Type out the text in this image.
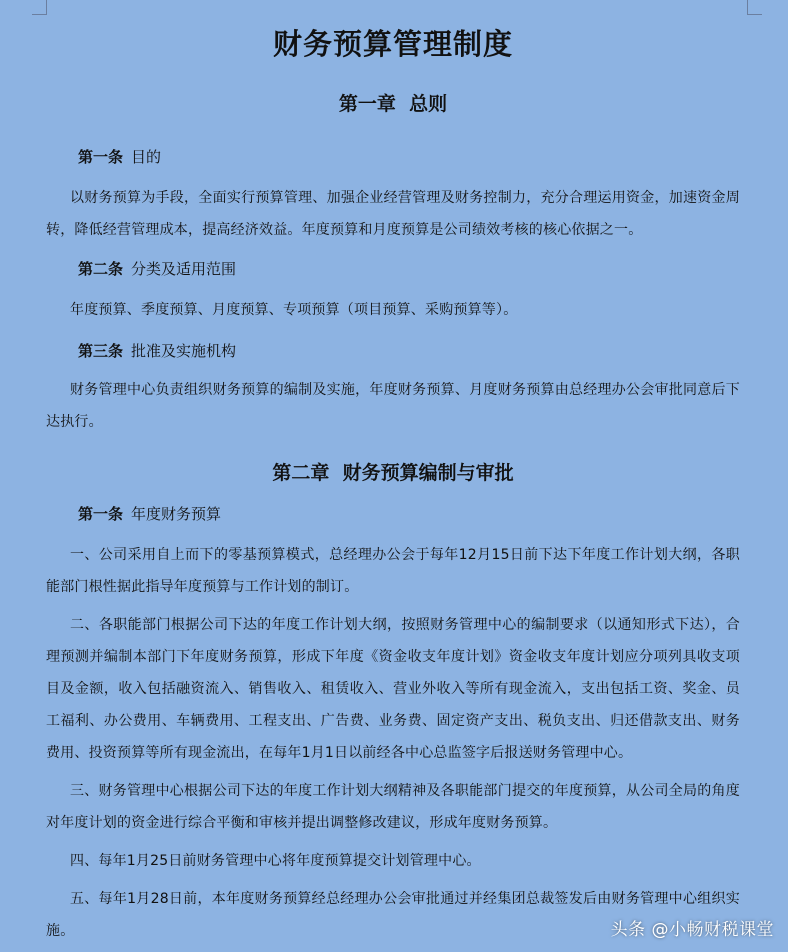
财务预算管理制度
第一章  总则
第一条 目的
以财务预算为手段，全面实行预算管理、加强企业经营管理及财务控制力，充分合理运用资金，加速资金周转，降低经营管理成本，提高经济效益。年度预算和月度预算是公司绩效考核的核心依据之一。
第二条 分类及适用范围
年度预算、季度预算、月度预算、专项预算（项目预算、采购预算等）。
第三条 批准及实施机构
财务管理中心负责组织财务预算的编制及实施，年度财务预算、月度财务预算由总经理办公会审批同意后下达执行。
第二章  财务预算编制与审批
第一条 年度财务预算
一、公司采用自上而下的零基预算模式，总经理办公会于每年12月15日前下达下年度工作计划大纲，各职能部门根性据此指导年度预算与工作计划的制订。
二、各职能部门根据公司下达的年度工作计划大纲，按照财务管理中心的编制要求（以通知形式下达），合理预测并编制本部门下年度财务预算，形成下年度《资金收支年度计划》资金收支年度计划应分项列具收支项目及金额，收入包括融资流入、销售收入、租赁收入、营业外收入等所有现金流入，支出包括工资、奖金、员工福利、办公费用、车辆费用、工程支出、广告费、业务费、固定资产支出、税负支出、归还借款支出、财务费用、投资预算等所有现金流出，在每年1月1日以前经各中心总监签字后报送财务管理中心。
三、财务管理中心根据公司下达的年度工作计划大纲精神及各职能部门提交的年度预算，从公司全局的角度对年度计划的资金进行综合平衡和审核并提出调整修改建议，形成年度财务预算。
四、每年1月25日前财务管理中心将年度预算提交计划管理中心。
五、每年1月28日前，本年度财务预算经总经理办公会审批通过并经集团总裁签发后由财务管理中心组织实施。	头条 @小畅财税课堂
